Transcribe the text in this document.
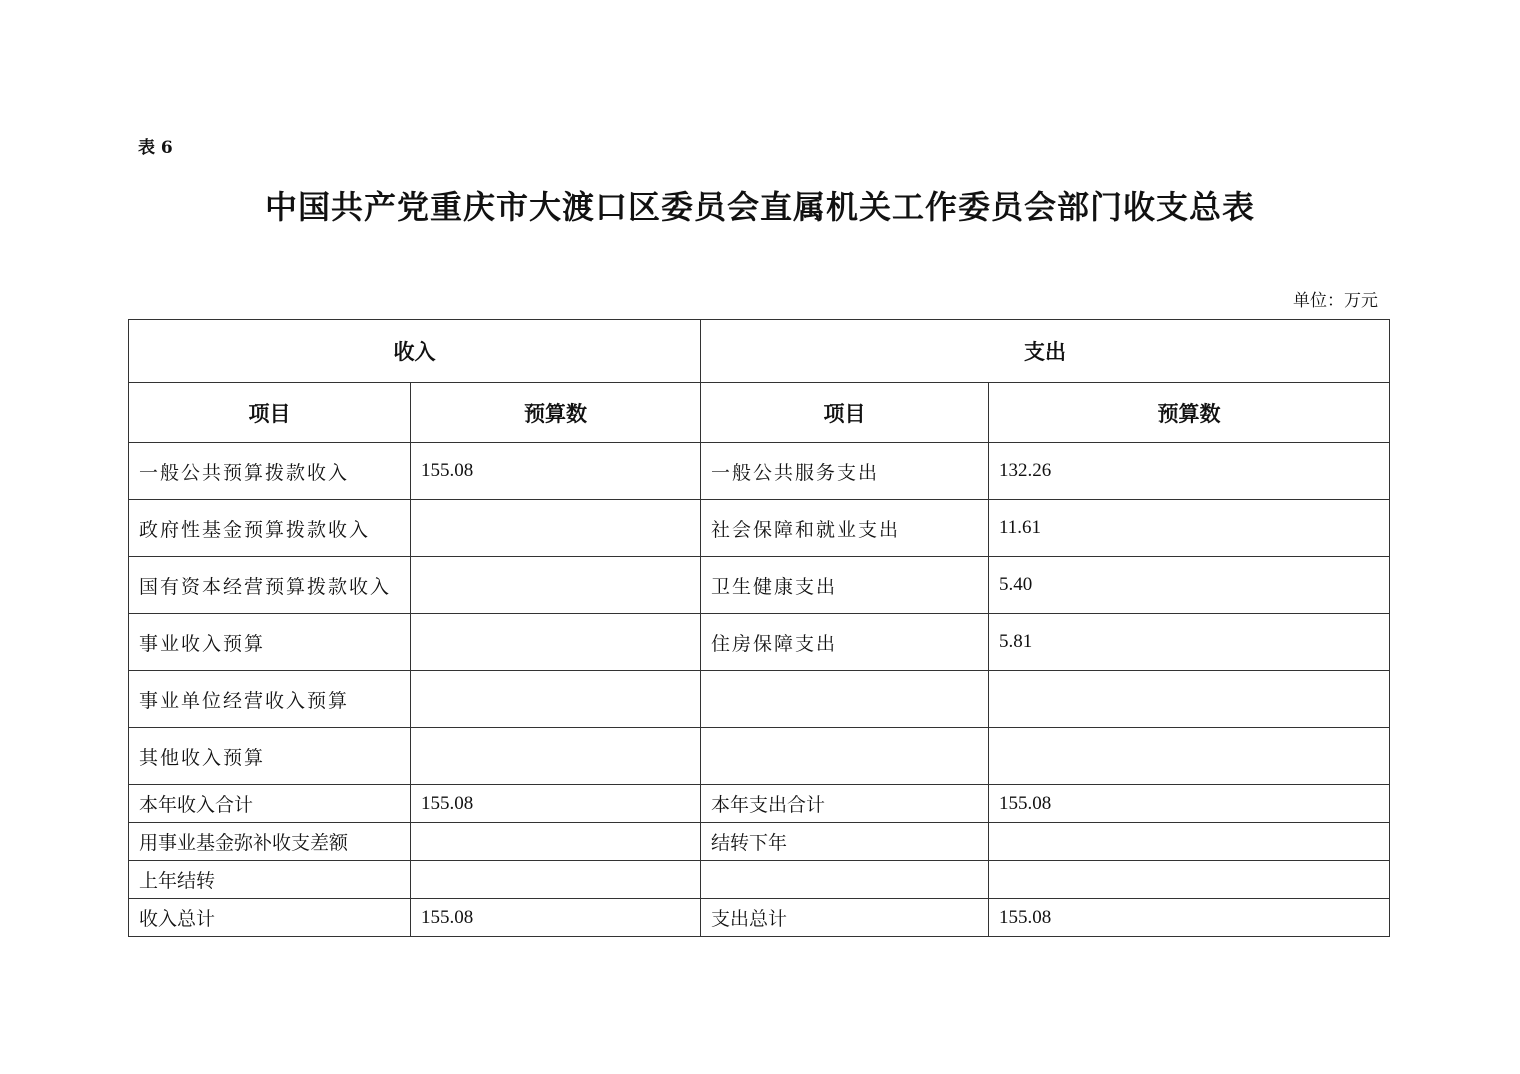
表 6
中国共产党重庆市大渡口区委员会直属机关工作委员会部门收支总表
单位：万元
收入		支出	
项目	预算数	项目	预算数
一般公共预算拨款收入	155.08	一般公共服务支出	132.26
政府性基金预算拨款收入		社会保障和就业支出	11.61
国有资本经营预算拨款收入		卫生健康支出	5.40
事业收入预算		住房保障支出	5.81
事业单位经营收入预算			
其他收入预算			
本年收入合计	155.08	本年支出合计	155.08
用事业基金弥补收支差额		结转下年	
上年结转			
收入总计	155.08	支出总计	155.08
